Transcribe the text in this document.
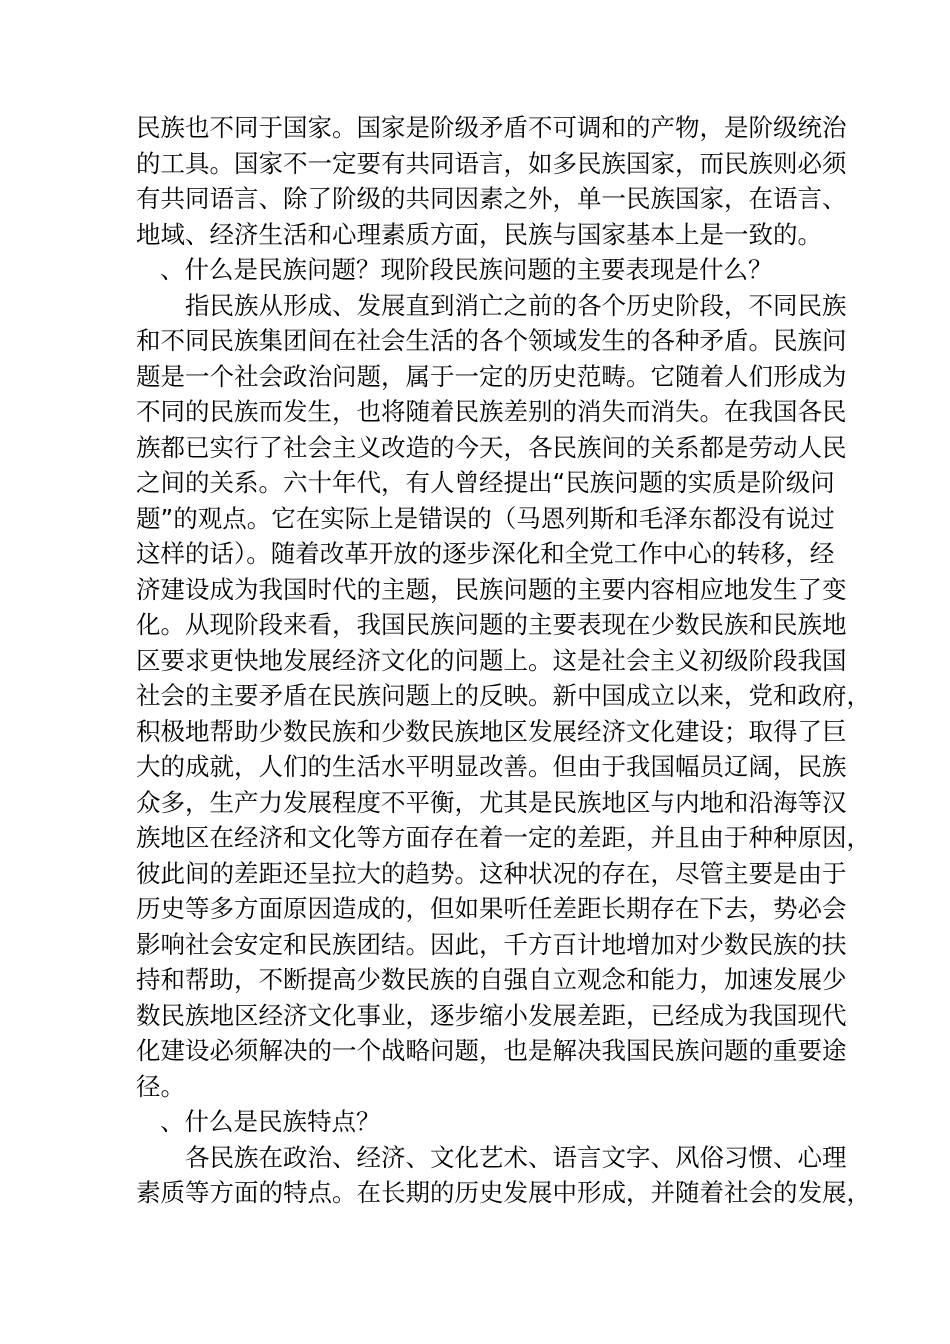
民族也不同于国家。国家是阶级矛盾不可调和的产物，是阶级统治
的工具。国家不一定要有共同语言，如多民族国家，而民族则必须
有共同语言、除了阶级的共同因素之外，单一民族国家，在语言、
地域、经济生活和心理素质方面，民族与国家基本上是一致的。
、什么是民族问题？现阶段民族问题的主要表现是什么？
指民族从形成、发展直到消亡之前的各个历史阶段，不同民族
和不同民族集团间在社会生活的各个领域发生的各种矛盾。民族问
题是一个社会政治问题，属于一定的历史范畴。它随着人们形成为
不同的民族而发生，也将随着民族差别的消失而消失。在我国各民
族都已实行了社会主义改造的今天，各民族间的关系都是劳动人民
之间的关系。六十年代，有人曾经提出“民族问题的实质是阶级问
题”的观点。它在实际上是错误的（马恩列斯和毛泽东都没有说过
这样的话）。随着改革开放的逐步深化和全党工作中心的转移，经
济建设成为我国时代的主题，民族问题的主要内容相应地发生了变
化。从现阶段来看，我国民族问题的主要表现在少数民族和民族地
区要求更快地发展经济文化的问题上。这是社会主义初级阶段我国
社会的主要矛盾在民族问题上的反映。新中国成立以来，党和政府，
积极地帮助少数民族和少数民族地区发展经济文化建设；取得了巨
大的成就，人们的生活水平明显改善。但由于我国幅员辽阔，民族
众多，生产力发展程度不平衡，尤其是民族地区与内地和沿海等汉
族地区在经济和文化等方面存在着一定的差距，并且由于种种原因，
彼此间的差距还呈拉大的趋势。这种状况的存在，尽管主要是由于
历史等多方面原因造成的，但如果听任差距长期存在下去，势必会
影响社会安定和民族团结。因此，千方百计地增加对少数民族的扶
持和帮助，不断提高少数民族的自强自立观念和能力，加速发展少
数民族地区经济文化事业，逐步缩小发展差距，已经成为我国现代
化建设必须解决的一个战略问题，也是解决我国民族问题的重要途
径。
、什么是民族特点？
各民族在政治、经济、文化艺术、语言文字、风俗习惯、心理
素质等方面的特点。在长期的历史发展中形成，并随着社会的发展，
